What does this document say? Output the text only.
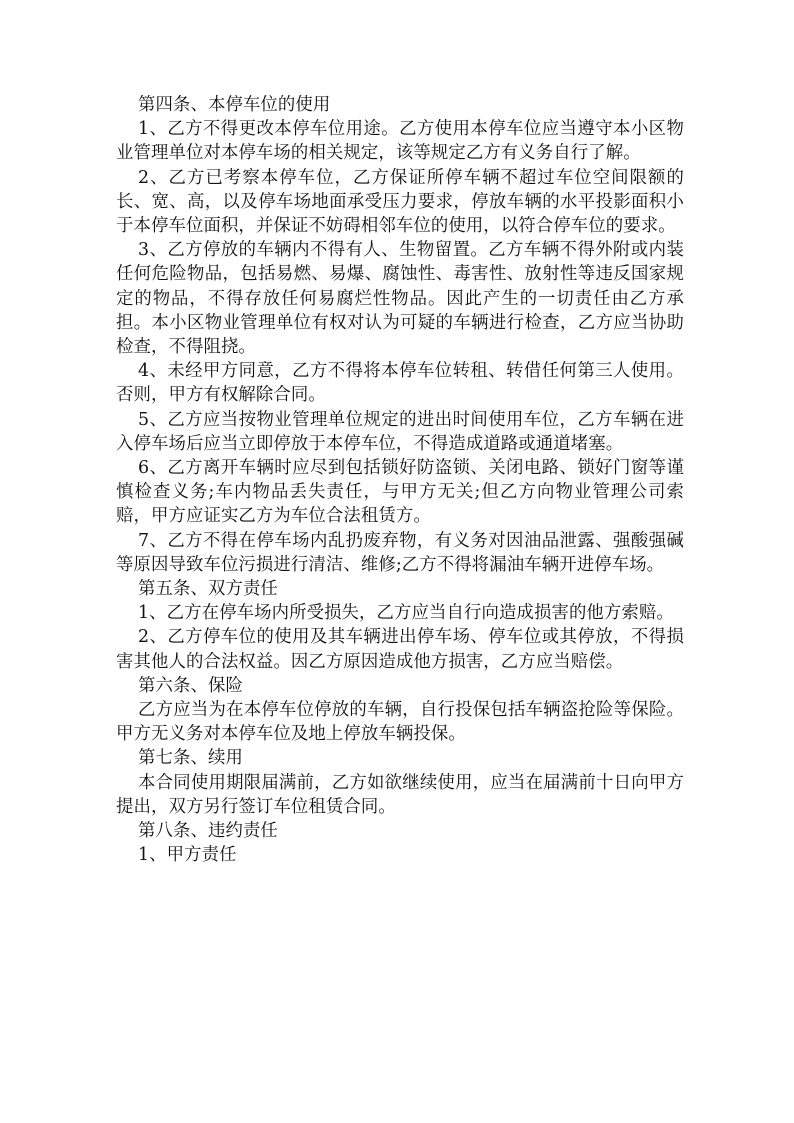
第四条、本停车位的使用

1、乙方不得更改本停车位用途。乙方使用本停车位应当遵守本小区物业管理单位对本停车场的相关规定，该等规定乙方有义务自行了解。

2、乙方已考察本停车位，乙方保证所停车辆不超过车位空间限额的长、宽、高，以及停车场地面承受压力要求，停放车辆的水平投影面积小于本停车位面积，并保证不妨碍相邻车位的使用，以符合停车位的要求。

3、乙方停放的车辆内不得有人、生物留置。乙方车辆不得外附或内装任何危险物品，包括易燃、易爆、腐蚀性、毒害性、放射性等违反国家规定的物品，不得存放任何易腐烂性物品。因此产生的一切责任由乙方承担。本小区物业管理单位有权对认为可疑的车辆进行检查，乙方应当协助检查，不得阻挠。

4、未经甲方同意，乙方不得将本停车位转租、转借任何第三人使用。否则，甲方有权解除合同。

5、乙方应当按物业管理单位规定的进出时间使用车位，乙方车辆在进入停车场后应当立即停放于本停车位，不得造成道路或通道堵塞。

6、乙方离开车辆时应尽到包括锁好防盗锁、关闭电路、锁好门窗等谨慎检查义务;车内物品丢失责任，与甲方无关;但乙方向物业管理公司索赔，甲方应证实乙方为车位合法租赁方。

7、乙方不得在停车场内乱扔废弃物，有义务对因油品泄露、强酸强碱等原因导致车位污损进行清洁、维修;乙方不得将漏油车辆开进停车场。

第五条、双方责任

1、乙方在停车场内所受损失，乙方应当自行向造成损害的他方索赔。

2、乙方停车位的使用及其车辆进出停车场、停车位或其停放，不得损害其他人的合法权益。因乙方原因造成他方损害，乙方应当赔偿。

第六条、保险

乙方应当为在本停车位停放的车辆，自行投保包括车辆盗抢险等保险。甲方无义务对本停车位及地上停放车辆投保。

第七条、续用

本合同使用期限届满前，乙方如欲继续使用，应当在届满前十日向甲方提出，双方另行签订车位租赁合同。

第八条、违约责任

1、甲方责任
